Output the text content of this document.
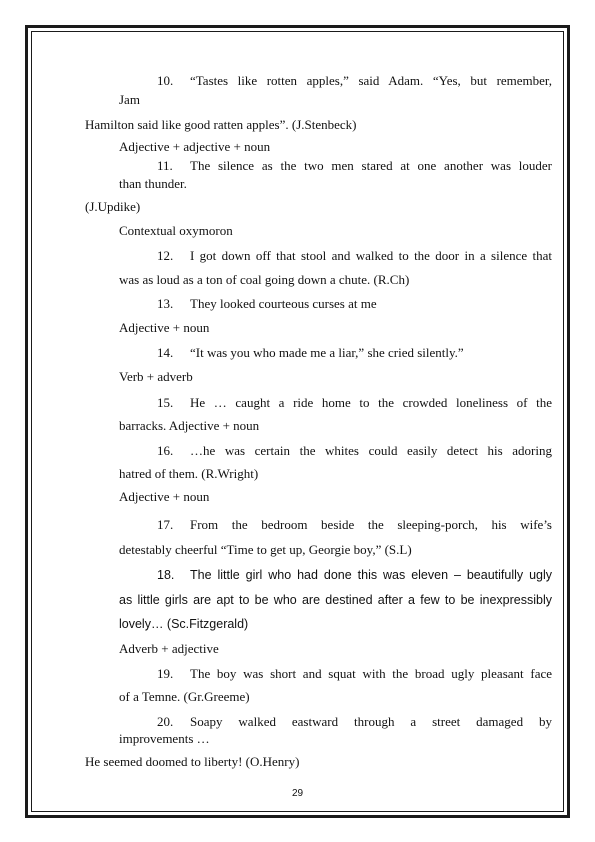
10. “Tastes like rotten apples,” said Adam. “Yes, but remember,
Jam
Hamilton said like good ratten apples”. (J.Stenbeck)
Adjective + adjective + noun
11. The silence as the two men stared at one another was louder
than thunder.
(J.Updike)
Contextual oxymoron
12. I got down off that stool and walked to the door in a silence that
was as loud as a ton of coal going down a chute. (R.Ch)
13. They looked courteous curses at me
Adjective + noun
14. “It was you who made me a liar,” she cried silently.”
Verb + adverb
15. He … caught a ride home to the crowded loneliness of the
barracks. Adjective + noun
16. …he was certain the whites could easily detect his adoring
hatred of them. (R.Wright)
Adjective + noun
17. From the bedroom beside the sleeping-porch, his wife’s
detestably cheerful “Time to get up, Georgie boy,” (S.L)
18. The little girl who had done this was eleven – beautifully ugly
as little girls are apt to be who are destined after a few to be inexpressibly
lovely… (Sc.Fitzgerald)
Adverb + adjective
19. The boy was short and squat with the broad ugly pleasant face
of a Temne. (Gr.Greeme)
20. Soapy walked eastward through a street damaged by
improvements …
He seemed doomed to liberty! (O.Henry)
29
